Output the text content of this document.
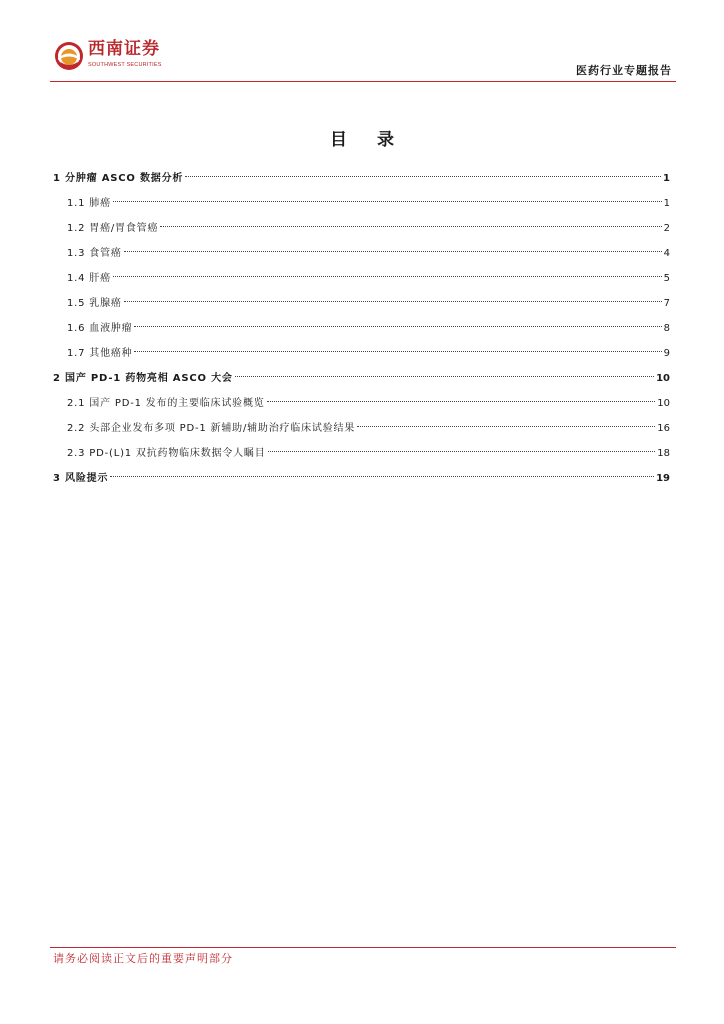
西南证券
SOUTHWEST SECURITIES	医药行业专题报告
目 录
1 分肿瘤 ASCO 数据分析	1
1.1 肺癌	1
1.2 胃癌/胃食管癌	2
1.3 食管癌	4
1.4 肝癌	5
1.5 乳腺癌	7
1.6 血液肿瘤	8
1.7 其他癌种	9
2 国产 PD-1 药物亮相 ASCO 大会	10
2.1 国产 PD-1 发布的主要临床试验概览	10
2.2 头部企业发布多项 PD-1 新辅助/辅助治疗临床试验结果	16
2.3 PD-(L)1 双抗药物临床数据令人瞩目	18
3 风险提示	19
请务必阅读正文后的重要声明部分
